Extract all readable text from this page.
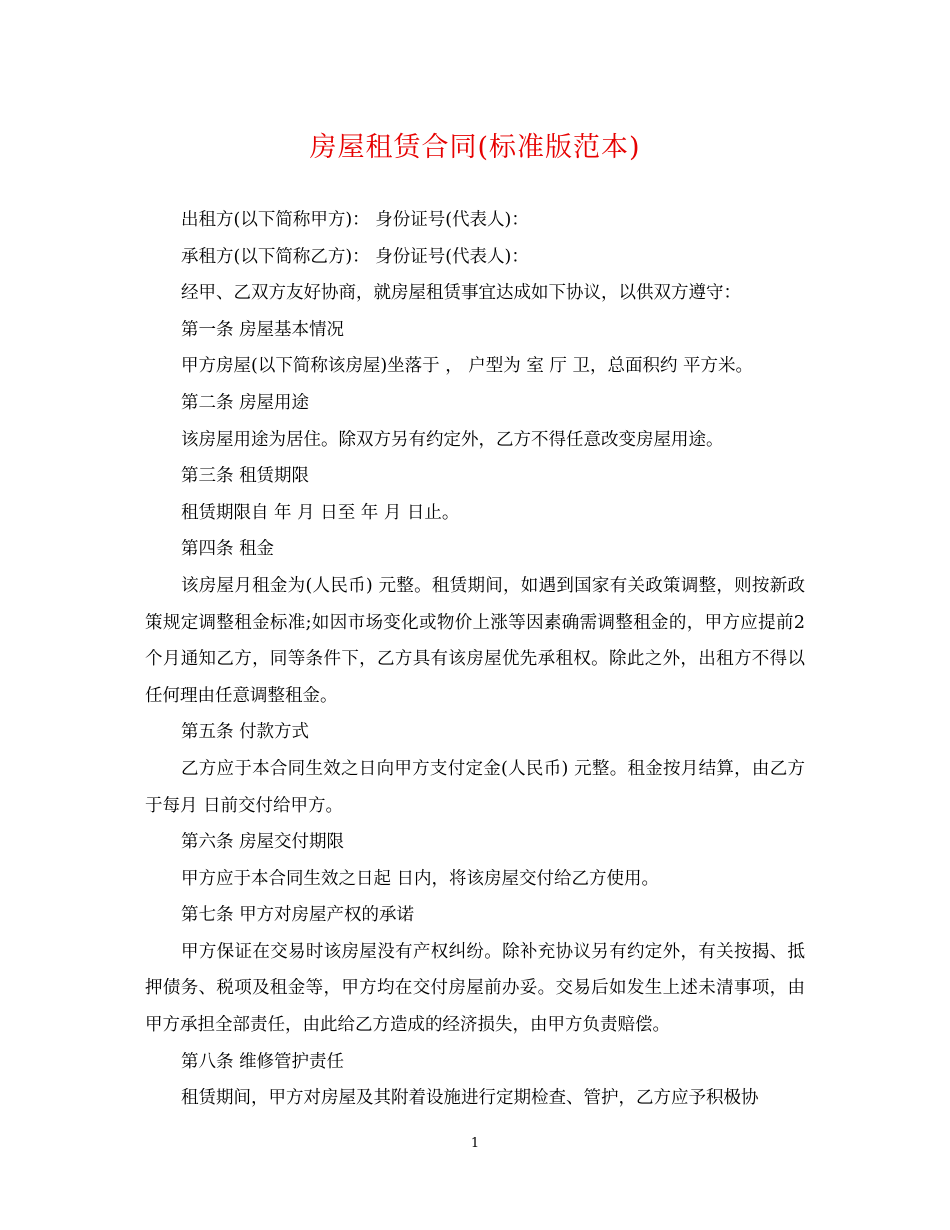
房屋租赁合同(标准版范本)

出租方(以下简称甲方)： 身份证号(代表人)：

承租方(以下简称乙方)： 身份证号(代表人)：

经甲、乙双方友好协商，就房屋租赁事宜达成如下协议，以供双方遵守：

第一条 房屋基本情况

甲方房屋(以下简称该房屋)坐落于 ， 户型为 室 厅 卫，总面积约 平方米。

第二条 房屋用途

该房屋用途为居住。除双方另有约定外，乙方不得任意改变房屋用途。

第三条 租赁期限

租赁期限自 年 月 日至 年 月 日止。

第四条 租金

该房屋月租金为(人民币) 元整。租赁期间，如遇到国家有关政策调整，则按新政策规定调整租金标准;如因市场变化或物价上涨等因素确需调整租金的，甲方应提前2个月通知乙方，同等条件下，乙方具有该房屋优先承租权。除此之外，出租方不得以任何理由任意调整租金。

第五条 付款方式

乙方应于本合同生效之日向甲方支付定金(人民币) 元整。租金按月结算，由乙方于每月 日前交付给甲方。

第六条 房屋交付期限

甲方应于本合同生效之日起 日内，将该房屋交付给乙方使用。

第七条 甲方对房屋产权的承诺

甲方保证在交易时该房屋没有产权纠纷。除补充协议另有约定外，有关按揭、抵押债务、税项及租金等，甲方均在交付房屋前办妥。交易后如发生上述未清事项，由甲方承担全部责任，由此给乙方造成的经济损失，由甲方负责赔偿。

第八条 维修管护责任

租赁期间，甲方对房屋及其附着设施进行定期检查、管护，乙方应予积极协

1
